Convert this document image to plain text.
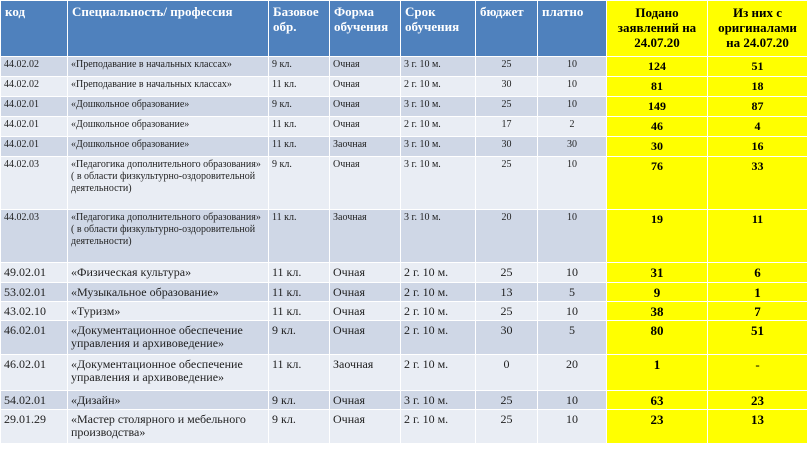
код	Специальность/ профессия	Базовое обр.	Форма обучения	Срок обучения	бюджет	платно	Подано заявлений на 24.07.20	Из них с оригиналами на 24.07.20
44.02.02	«Преподавание в начальных классах»	9 кл.	Очная	3 г. 10 м.	25	10	124	51
44.02.02	«Преподавание в начальных классах»	11 кл.	Очная	2 г. 10 м.	30	10	81	18
44.02.01	«Дошкольное образование»	9 кл.	Очная	3 г. 10 м.	25	10	149	87
44.02.01	«Дошкольное образование»	11 кл.	Очная	2 г. 10 м.	17	2	46	4
44.02.01	«Дошкольное образование»	11 кл.	Заочная	3 г. 10 м.	30	30	30	16
44.02.03	«Педагогика дополнительного образования» ( в области физкультурно-оздоровительной деятельности)	9 кл.	Очная	3 г. 10 м.	25	10	76	33
44.02.03	«Педагогика дополнительного образования» ( в области физкультурно-оздоровительной деятельности)	11 кл.	Заочная	3 г. 10 м.	20	10	19	11
49.02.01	«Физическая культура»	11 кл.	Очная	2 г. 10 м.	25	10	31	6
53.02.01	«Музыкальное образование»	11 кл.	Очная	2 г. 10 м.	13	5	9	1
43.02.10	«Туризм»	11 кл.	Очная	2 г. 10 м.	25	10	38	7
46.02.01	«Документационное обеспечение управления и архивоведение»	9 кл.	Очная	2 г. 10 м.	30	5	80	51
46.02.01	«Документационное обеспечение управления и архивоведение»	11 кл.	Заочная	2 г. 10 м.	0	20	1	-
54.02.01	«Дизайн»	9 кл.	Очная	3 г. 10 м.	25	10	63	23
29.01.29	«Мастер столярного и мебельного производства»	9 кл.	Очная	2 г. 10 м.	25	10	23	13
